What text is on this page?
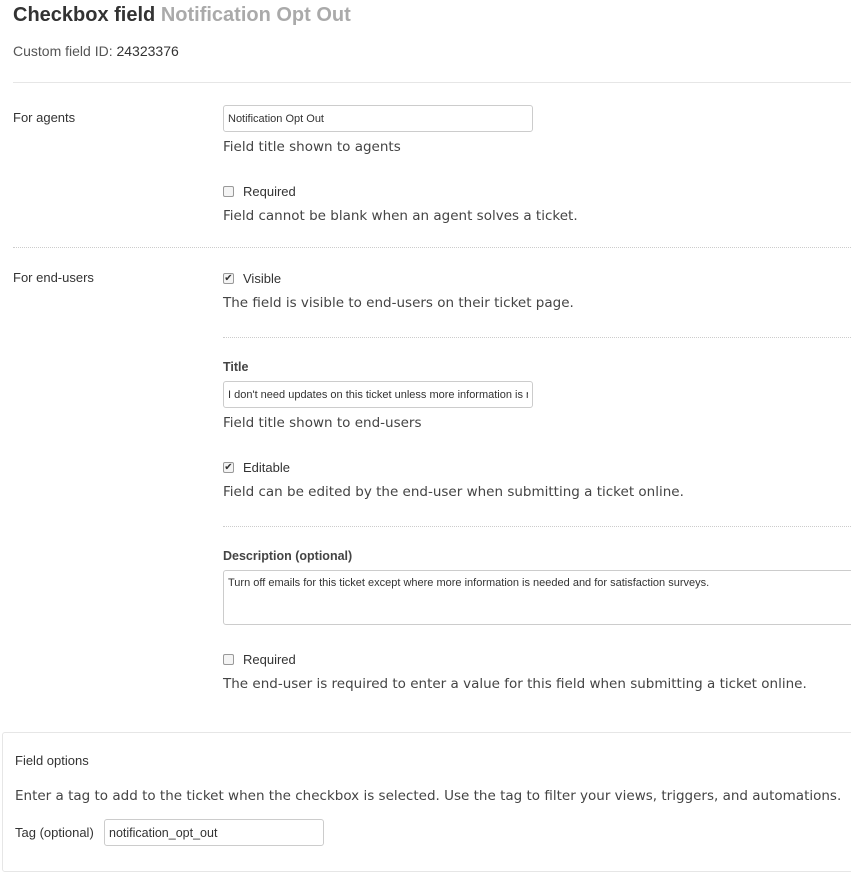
Checkbox field Notification Opt Out
Custom field ID: 24323376
For agents
Notification Opt Out
Field title shown to agents
Required
Field cannot be blank when an agent solves a ticket.
For end-users	✔ Visible
The field is visible to end-users on their ticket page.
Title
I don't need updates on this ticket unless more information is needed
Field title shown to end-users
✔ Editable
Field can be edited by the end-user when submitting a ticket online.
Description (optional)
Turn off emails for this ticket except where more information is needed and for satisfaction surveys.
Required
The end-user is required to enter a value for this field when submitting a ticket online.
Field options
Enter a tag to add to the ticket when the checkbox is selected. Use the tag to filter your views, triggers, and automations.
Tag (optional)
notification_opt_out
